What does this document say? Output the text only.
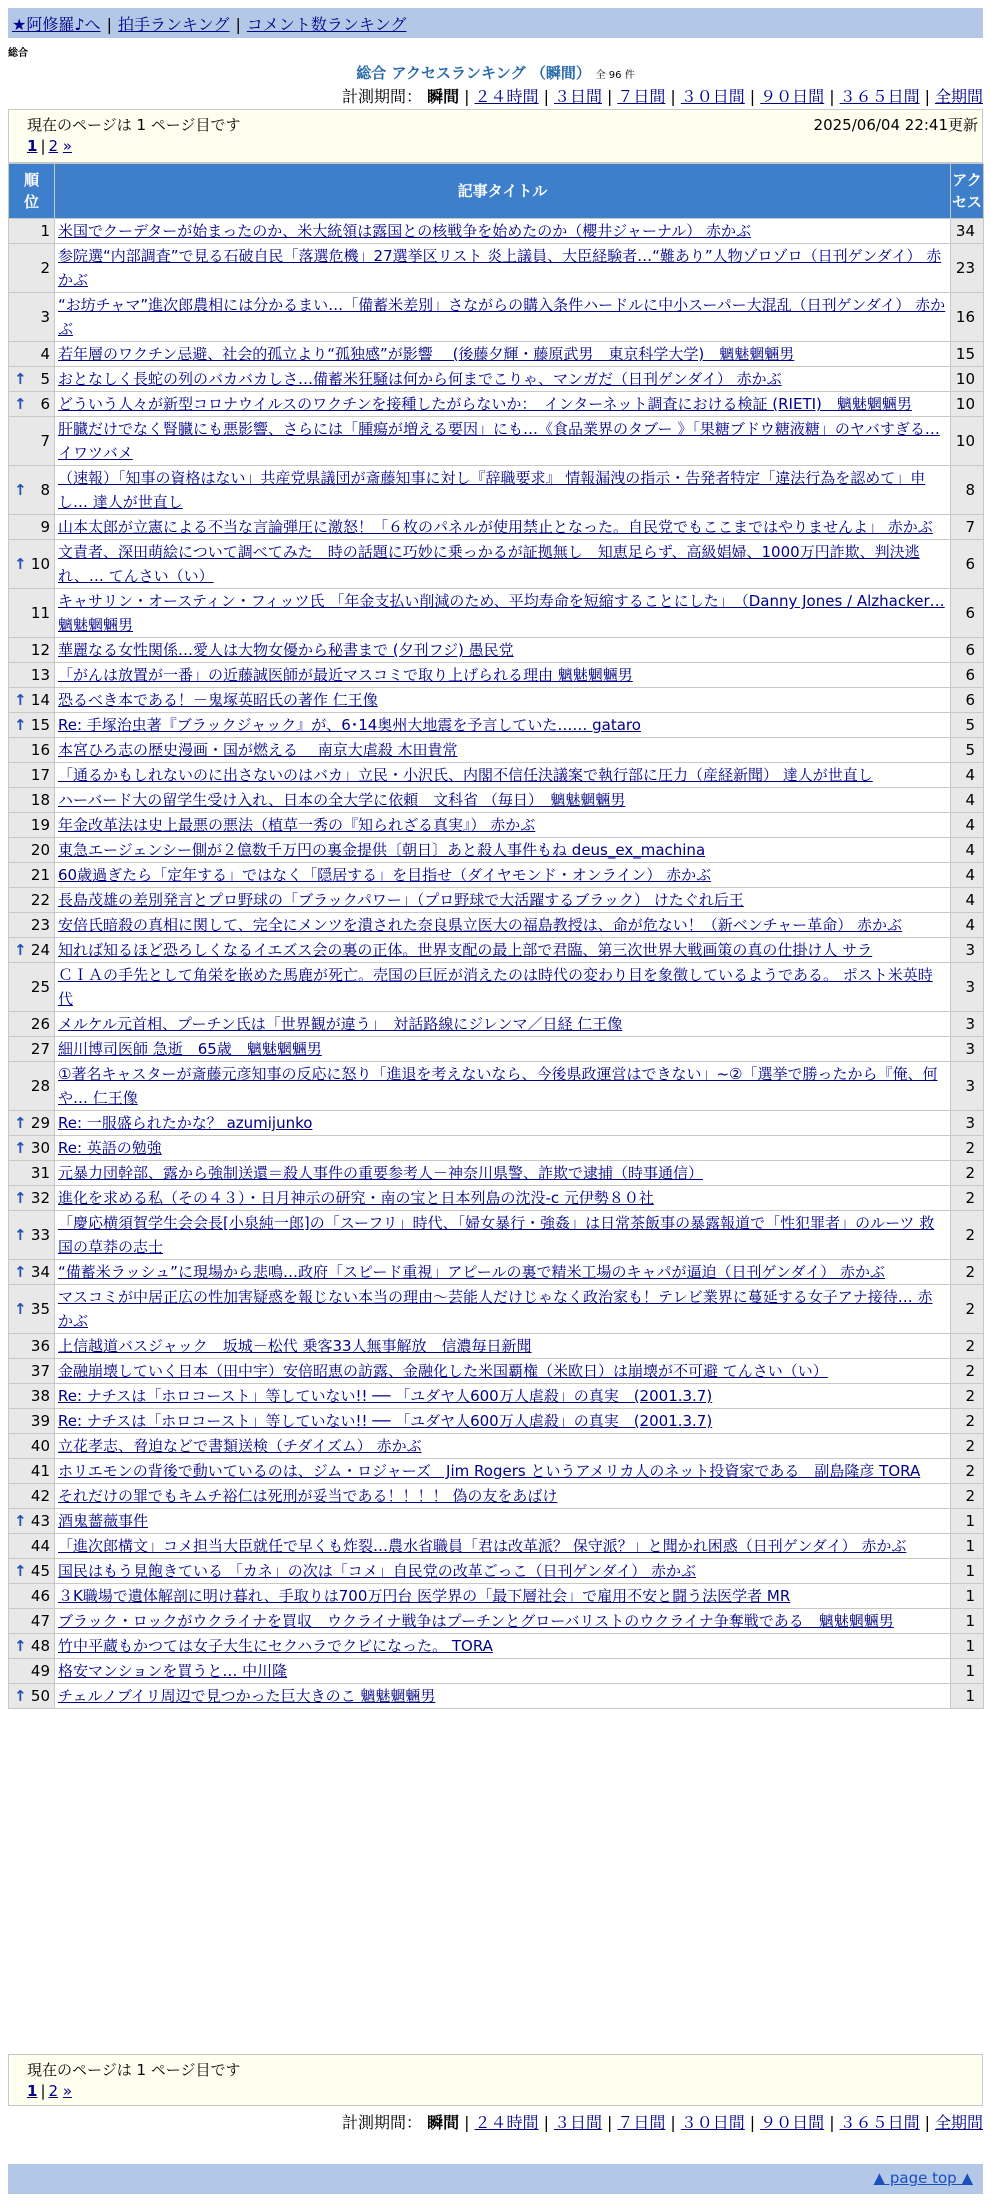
★阿修羅♪へ | 拍手ランキング | コメント数ランキング
総合
総合 アクセスランキング （瞬間） 全 96 件
計測期間： 瞬間 | ２４時間 | ３日間 | ７日間 | ３０日間 | ９０日間 | ３６５日間 | 全期間
現在のページは 1 ページ目です	2025/06/04 22:41更新
1 | 2 »
順位	記事タイトル	アクセス
1	米国でクーデターが始まったのか、米大統領は露国との核戦争を始めたのか（櫻井ジャーナル） 赤かぶ	34
2	参院選“内部調査”で見る石破自民「落選危機」27選挙区リスト 炎上議員、大臣経験者…“難あり”人物ゾロゾロ（日刊ゲンダイ） 赤かぶ	23
3	“お坊チャマ”進次郎農相には分かるまい…「備蓄米差別」さながらの購入条件ハードルに中小スーパー大混乱（日刊ゲンダイ） 赤かぶ	16
4	若年層のワクチン忌避、社会的孤立より“孤独感”が影響 　(後藤夕輝・藤原武男　東京科学大学)　魑魅魍魎男	15

↑ 5	おとなしく長蛇の列のバカバカしさ…備蓄米狂騒は何から何までこりゃ、マンガだ（日刊ゲンダイ） 赤かぶ	10

↑ 6	どういう人々が新型コロナウイルスのワクチンを接種したがらないか：　インターネット調査における検証 (RIETI)　魑魅魍魎男	10
7	肝臓だけでなく腎臓にも悪影響、さらには「腫瘍が増える要因」にも…《食品業界のタブー 》「果糖ブドウ糖液糖」のヤバすぎる… イワツバメ	10

↑ 8	（速報）「知事の資格はない」共産党県議団が斎藤知事に対し『辞職要求』 情報漏洩の指示・告発者特定「違法行為を認めて」申し… 達人が世直し	8
9	山本太郎が立憲による不当な言論弾圧に激怒！「６枚のパネルが使用禁止となった。自民党でもここまではやりませんよ」 赤かぶ	7

↑ 10	文責者、深田萌絵について調べてみた　時の話題に巧妙に乗っかるが証拠無し　知恵足らず、高級娼婦、1000万円詐欺、判決逃れ、… てんさい（い）	6
11	キャサリン・オースティン・フィッツ氏 「年金支払い削減のため、平均寿命を短縮することにした」　（Danny Jones / Alzhacker… 魑魅魍魎男	6
12	華麗なる女性関係…愛人は大物女優から秘書まで (夕刊フジ) 愚民党	6
13	「がんは放置が一番」の近藤誠医師が最近マスコミで取り上げられる理由 魑魅魍魎男	6

↑ 14	恐るべき本である！－鬼塚英昭氏の著作 仁王像	6

↑ 15	Re: 手塚治虫著『ブラックジャック』が、6･14奥州大地震を予言していた…… gataro	5
16	本宮ひろ志の歴史漫画・国が燃える　 南京大虐殺 木田貴常	5
17	「通るかもしれないのに出さないのはバカ」立民・小沢氏、内閣不信任決議案で執行部に圧力（産経新聞） 達人が世直し	4
18	ハーバード大の留学生受け入れ、日本の全大学に依頼　文科省 （毎日）　魑魅魍魎男	4
19	年金改革法は史上最悪の悪法（植草一秀の『知られざる真実』） 赤かぶ	4
20	東急エージェンシー側が２億数千万円の裏金提供〔朝日〕あと殺人事件もね deus_ex_machina	4
21	60歳過ぎたら「定年する」ではなく「隠居する」を目指せ（ダイヤモンド・オンライン） 赤かぶ	4
22	長島茂雄の差別発言とプロ野球の「ブラックパワー」（プロ野球で大活躍するブラック） けたぐれ后王	4
23	安倍氏暗殺の真相に関して、完全にメンツを潰された奈良県立医大の福島教授は、命が危ない！（新ベンチャー革命） 赤かぶ	4

↑ 24	知れば知るほど恐ろしくなるイエズス会の裏の正体。世界支配の最上部で君臨、第三次世界大戦画策の真の仕掛け人 サラ	3
25	ＣＩＡの手先として角栄を嵌めた馬鹿が死亡。売国の巨匠が消えたのは時代の変わり目を象徴しているようである。 ポスト米英時代	3
26	メルケル元首相、プーチン氏は「世界観が違う」　対話路線にジレンマ／日経 仁王像	3
27	細川博司医師 急逝　65歳　魑魅魍魎男	3
28	①著名キャスターが斎藤元彦知事の反応に怒り「進退を考えないなら、今後県政運営はできない」~②「選挙で勝ったから『俺、何や… 仁王像	3

↑ 29	Re: 一服盛られたかな？ azumijunko	3

↑ 30	Re: 英語の勉強	2
31	元暴力団幹部、露から強制送還＝殺人事件の重要参考人－神奈川県警、詐欺で逮捕（時事通信）	2

↑ 32	進化を求める私（その４３）・日月神示の研究・南の宝と日本列島の沈没-c 元伊勢８０社	2

↑ 33	「慶応横須賀学生会会長[小泉純一郎]の「スーフリ」時代、「婦女暴行・強姦」は日常茶飯事の暴露報道で「性犯罪者」のルーツ 救国の草莽の志士	2

↑ 34	“備蓄米ラッシュ”に現場から悲鳴…政府「スピード重視」アピールの裏で精米工場のキャパが逼迫（日刊ゲンダイ） 赤かぶ	2

↑ 35	マスコミが中居正広の性加害疑惑を報じない本当の理由～芸能人だけじゃなく政治家も！テレビ業界に蔓延する女子アナ接待… 赤かぶ	2
36	上信越道バスジャック　坂城－松代 乗客33人無事解放　信濃毎日新聞	2
37	金融崩壊していく日本（田中宇）安倍昭恵の訪露、金融化した米国覇権（米欧日）は崩壊が不可避 てんさい（い）	2
38	Re: ナチスは「ホロコースト」等していない!! ── 「ユダヤ人600万人虐殺」の真実　(2001.3.7)	2
39	Re: ナチスは「ホロコースト」等していない!! ── 「ユダヤ人600万人虐殺」の真実　(2001.3.7)	2
40	立花孝志、脅迫などで書類送検（チダイズム） 赤かぶ	2
41	ホリエモンの背後で動いているのは、ジム・ロジャーズ　Jim Rogers というアメリカ人のネット投資家である　副島隆彦 TORA	2
42	それだけの罪でもキムチ裕仁は死刑が妥当である！！！！ 偽の友をあばけ	2

↑ 43	酒鬼薔薇事件	1
44	「進次郎構文」コメ担当大臣就任で早くも炸裂…農水省職員「君は改革派？ 保守派？」と聞かれ困惑（日刊ゲンダイ） 赤かぶ	1

↑ 45	国民はもう見飽きている 「カネ」の次は「コメ」自民党の改革ごっこ（日刊ゲンダイ） 赤かぶ	1
46	３K職場で遺体解剖に明け暮れ、手取りは700万円台 医学界の「最下層社会」で雇用不安と闘う法医学者 MR	1
47	ブラック・ロックがウクライナを買収　ウクライナ戦争はプーチンとグローバリストのウクライナ争奪戦である　魑魅魍魎男	1

↑ 48	竹中平蔵もかつては女子大生にセクハラでクビになった。 TORA	1
49	格安マンションを買うと… 中川隆	1

↑ 50	チェルノブイリ周辺で見つかった巨大きのこ 魑魅魍魎男	1
現在のページは 1 ページ目です
1 | 2 »
計測期間： 瞬間 | ２４時間 | ３日間 | ７日間 | ３０日間 | ９０日間 | ３６５日間 | 全期間
▲ page top ▲
